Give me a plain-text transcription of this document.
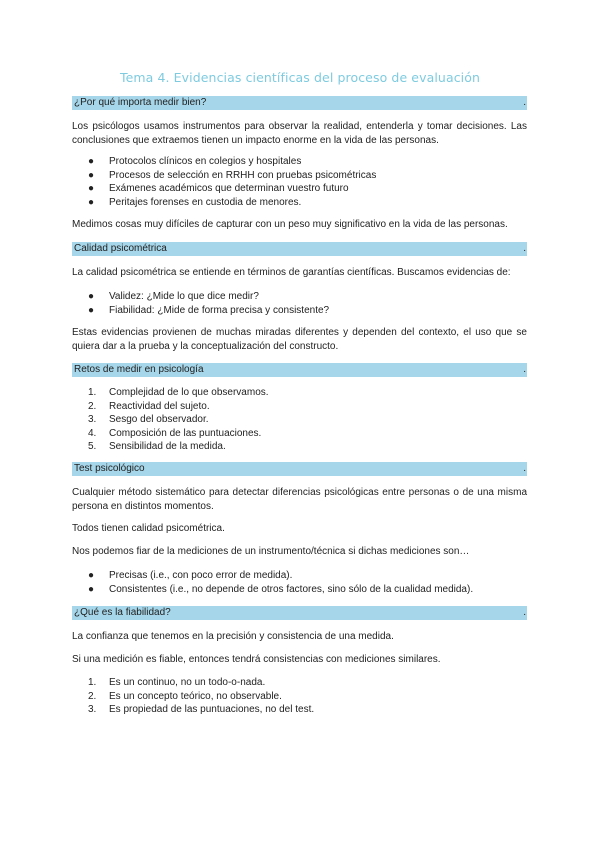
Tema 4. Evidencias científicas del proceso de evaluación
¿Por qué importa medir bien?	.
Los psicólogos usamos instrumentos para observar la realidad, entenderla y tomar decisiones. Las conclusiones que extraemos tienen un impacto enorme en la vida de las personas.
●	Protocolos clínicos en colegios y hospitales
●	Procesos de selección en RRHH con pruebas psicométricas
●	Exámenes académicos que determinan vuestro futuro
●	Peritajes forenses en custodia de menores.
Medimos cosas muy difíciles de capturar con un peso muy significativo en la vida de las personas.
Calidad psicométrica	.
La calidad psicométrica se entiende en términos de garantías científicas. Buscamos evidencias de:
●	Validez: ¿Mide lo que dice medir?
●	Fiabilidad: ¿Mide de forma precisa y consistente?
Estas evidencias provienen de muchas miradas diferentes y dependen del contexto, el uso que se quiera dar a la prueba y la conceptualización del constructo.
Retos de medir en psicología	.
1.	Complejidad de lo que observamos.
2.	Reactividad del sujeto.
3.	Sesgo del observador.
4.	Composición de las puntuaciones.
5.	Sensibilidad de la medida.
Test psicológico	.
Cualquier método sistemático para detectar diferencias psicológicas entre personas o de una misma persona en distintos momentos.
Todos tienen calidad psicométrica.
Nos podemos fiar de la mediciones de un instrumento/técnica si dichas mediciones son…
●	Precisas (i.e., con poco error de medida).
●	Consistentes (i.e., no depende de otros factores, sino sólo de la cualidad medida).
¿Qué es la fiabilidad?	.
La confianza que tenemos en la precisión y consistencia de una medida.
Si una medición es fiable, entonces tendrá consistencias con mediciones similares.
1.	Es un continuo, no un todo-o-nada.
2.	Es un concepto teórico, no observable.
3.	Es propiedad de las puntuaciones, no del test.
